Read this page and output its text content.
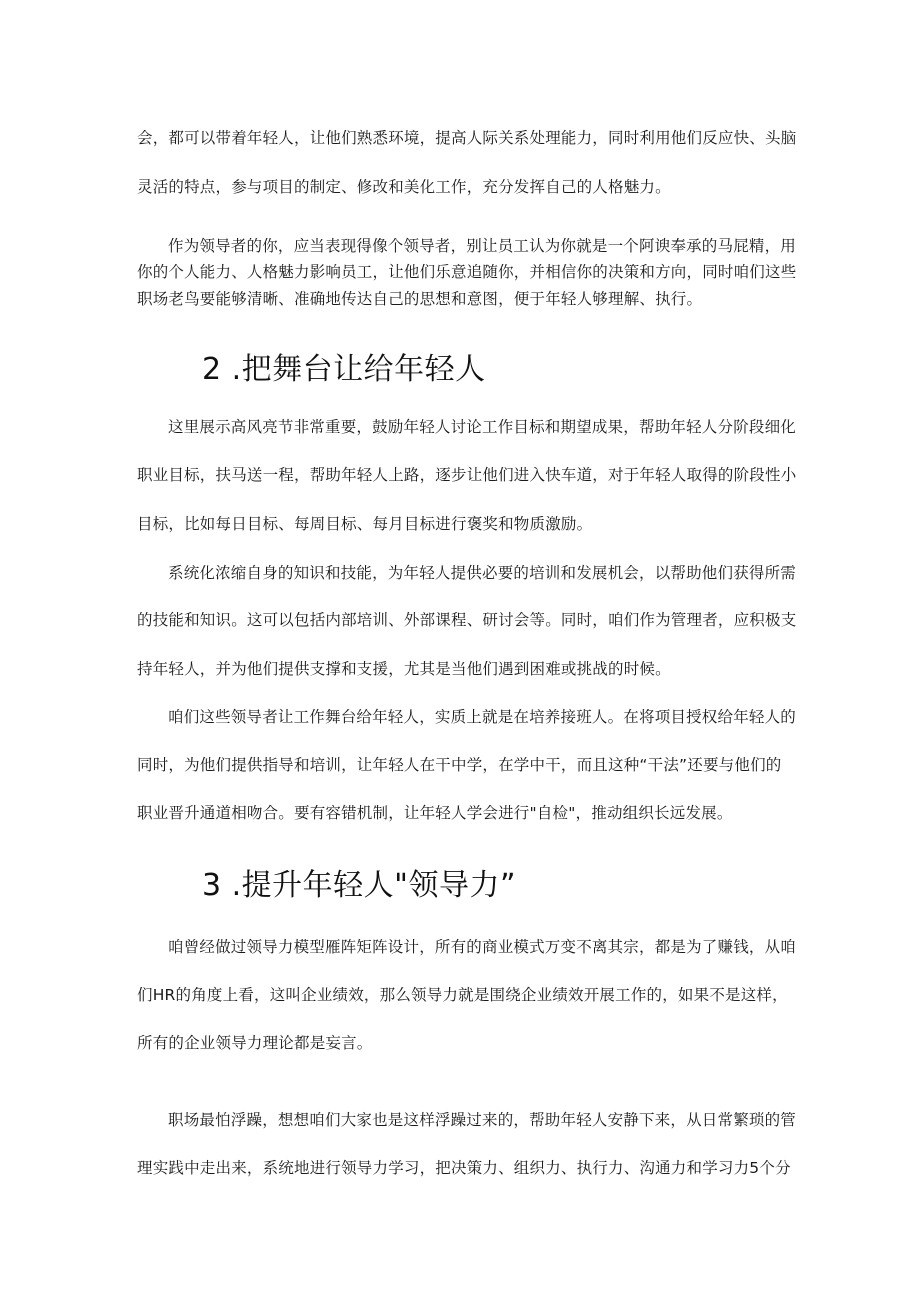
会，都可以带着年轻人，让他们熟悉环境，提高人际关系处理能力，同时利用他们反应快、头脑
灵活的特点，参与项目的制定、修改和美化工作，充分发挥自己的人格魅力。
作为领导者的你，应当表现得像个领导者，别让员工认为你就是一个阿谀奉承的马屁精，用
你的个人能力、人格魅力影响员工，让他们乐意追随你，并相信你的决策和方向，同时咱们这些
职场老鸟要能够清晰、准确地传达自己的思想和意图，便于年轻人够理解、执行。
2 .把舞台让给年轻人
这里展示高风亮节非常重要，鼓励年轻人讨论工作目标和期望成果，帮助年轻人分阶段细化
职业目标，扶马送一程，帮助年轻人上路，逐步让他们进入快车道，对于年轻人取得的阶段性小
目标，比如每日目标、每周目标、每月目标进行褒奖和物质激励。
系统化浓缩自身的知识和技能，为年轻人提供必要的培训和发展机会，以帮助他们获得所需
的技能和知识。这可以包括内部培训、外部课程、研讨会等。同时，咱们作为管理者，应积极支
持年轻人，并为他们提供支撑和支援，尤其是当他们遇到困难或挑战的时候。
咱们这些领导者让工作舞台给年轻人，实质上就是在培养接班人。在将项目授权给年轻人的
同时，为他们提供指导和培训，让年轻人在干中学，在学中干，而且这种“干法”还要与他们的
职业晋升通道相吻合。要有容错机制，让年轻人学会进行"自检"，推动组织长远发展。
3 .提升年轻人"领导力”
咱曾经做过领导力模型雁阵矩阵设计，所有的商业模式万变不离其宗，都是为了赚钱，从咱
们HR的角度上看，这叫企业绩效，那么领导力就是围绕企业绩效开展工作的，如果不是这样，
所有的企业领导力理论都是妄言。
职场最怕浮躁，想想咱们大家也是这样浮躁过来的，帮助年轻人安静下来，从日常繁琐的管
理实践中走出来，系统地进行领导力学习，把决策力、组织力、执行力、沟通力和学习力5个分
